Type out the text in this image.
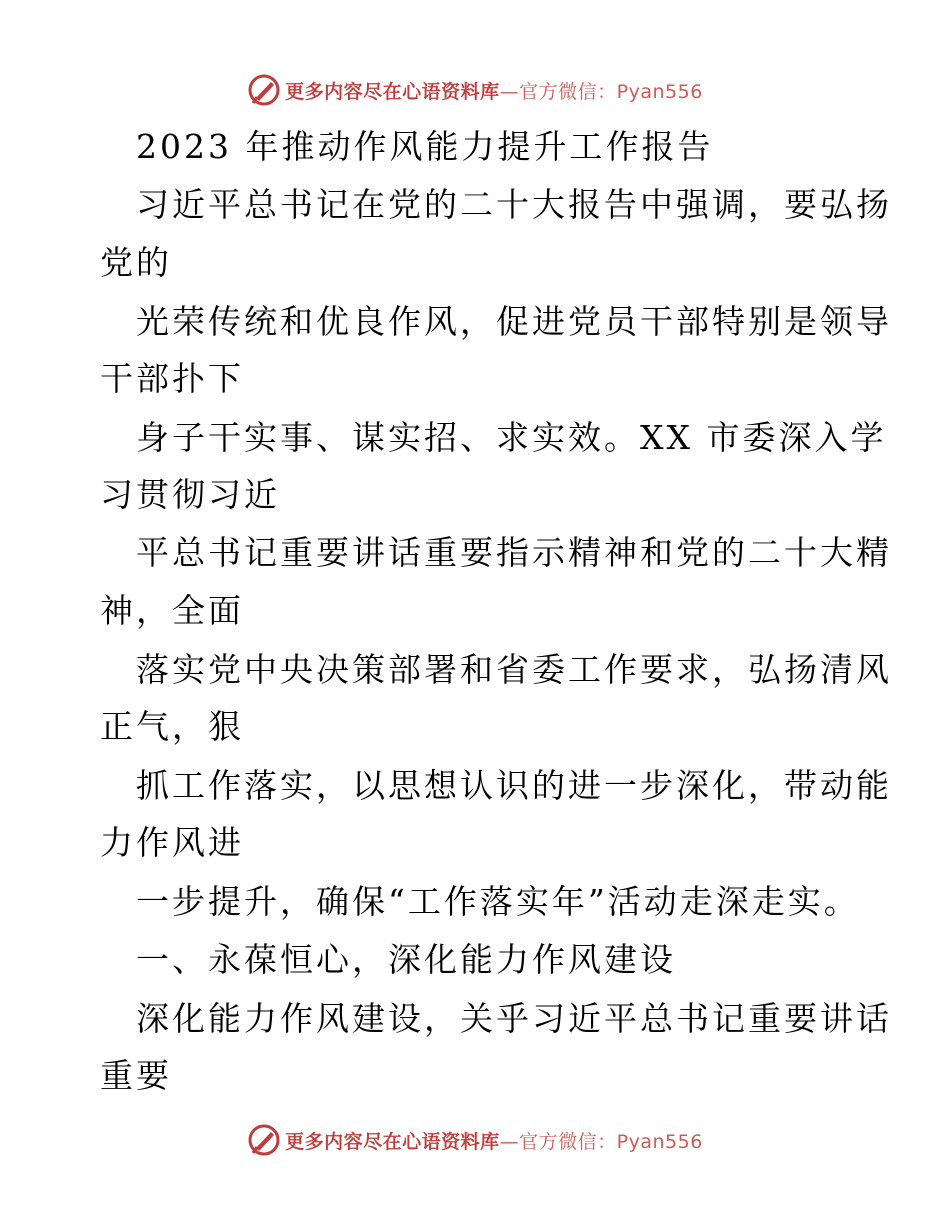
更多内容尽在心语资料库—官方微信：Pyan556
2023 年推动作风能力提升工作报告
习近平总书记在党的二十大报告中强调，要弘扬
党的
光荣传统和优良作风，促进党员干部特别是领导
干部扑下
身子干实事、谋实招、求实效。XX 市委深入学
习贯彻习近
平总书记重要讲话重要指示精神和党的二十大精
神，全面
落实党中央决策部署和省委工作要求，弘扬清风
正气，狠
抓工作落实，以思想认识的进一步深化，带动能
力作风进
一步提升，确保“工作落实年”活动走深走实。
一、永葆恒心，深化能力作风建设
深化能力作风建设，关乎习近平总书记重要讲话
重要
更多内容尽在心语资料库—官方微信：Pyan556
